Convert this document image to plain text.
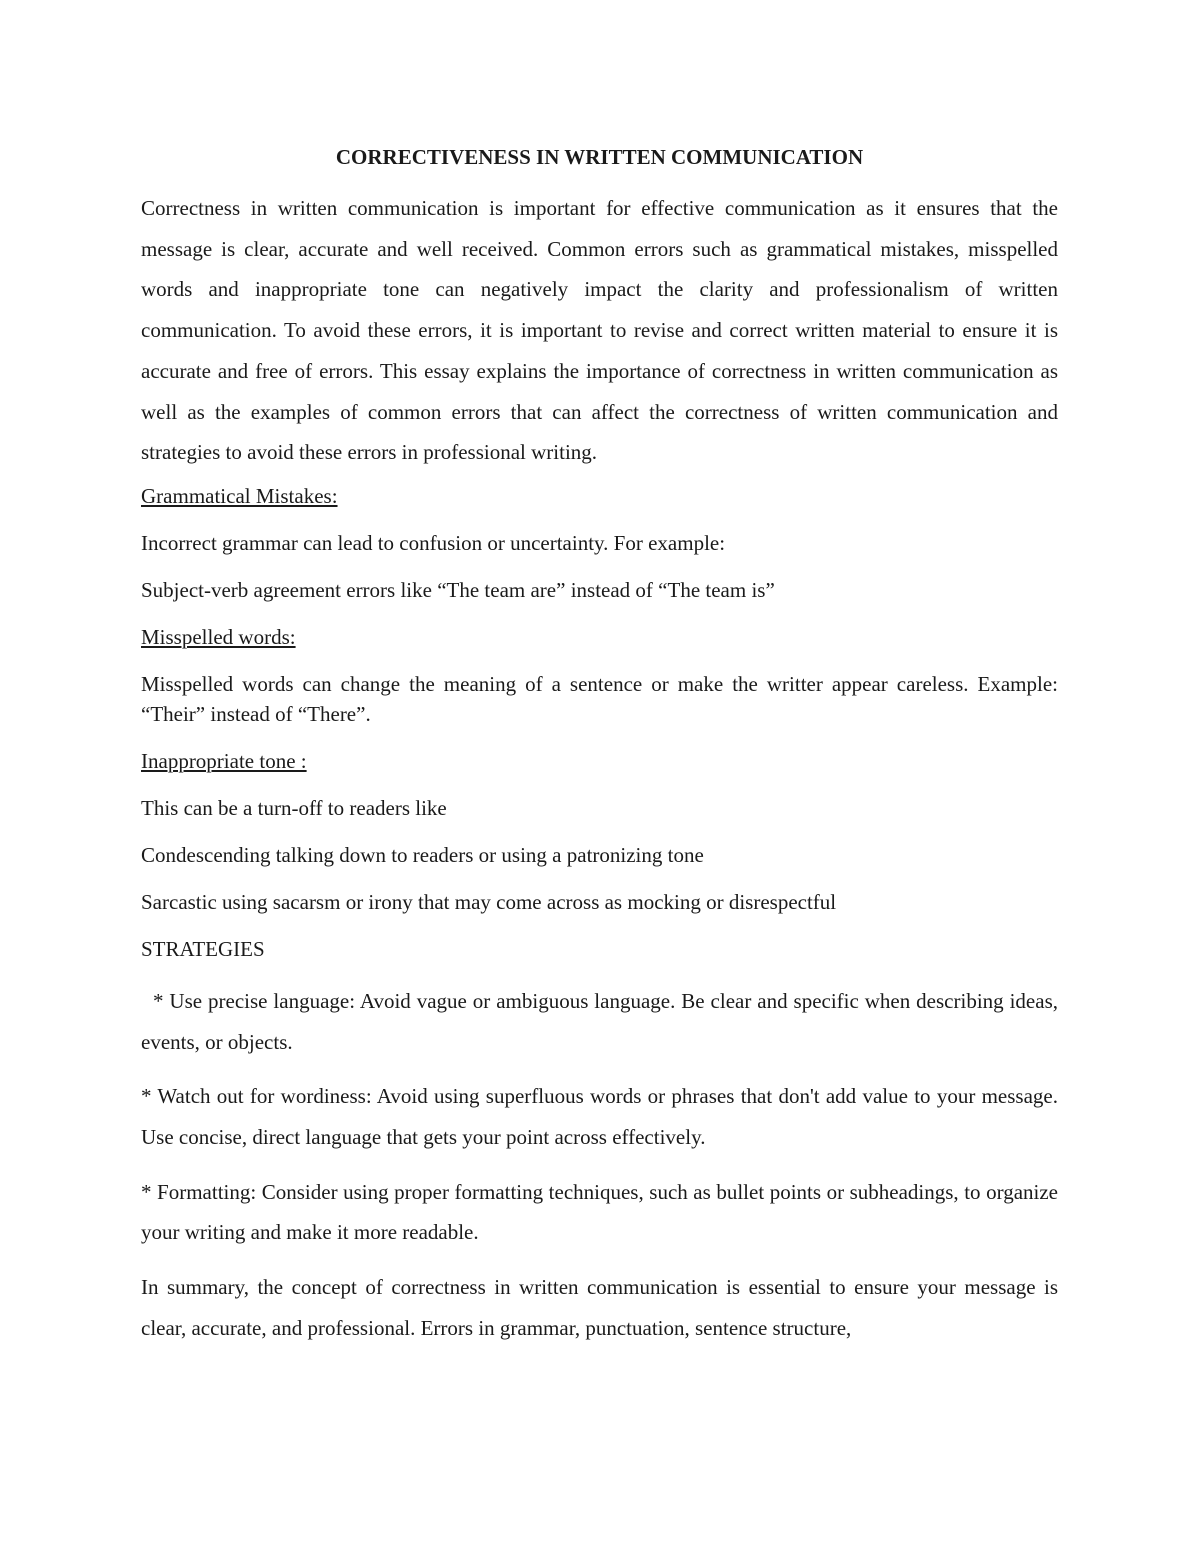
CORRECTIVENESS IN WRITTEN COMMUNICATION

Correctness in written communication is important for effective communication as it ensures that the message is clear, accurate and well received. Common errors such as grammatical mistakes, misspelled words and inappropriate tone can negatively impact the clarity and professionalism of written communication. To avoid these errors, it is important to revise and correct written material to ensure it is accurate and free of errors. This essay explains the importance of correctness in written communication as well as the examples of common errors that can affect the correctness of written communication and strategies to avoid these errors in professional writing.

Grammatical Mistakes:

Incorrect grammar can lead to confusion or uncertainty. For example:

Subject-verb agreement errors like “The team are” instead of “The team is”

Misspelled words:

Misspelled words can change the meaning of a sentence or make the writter appear careless. Example: “Their” instead of “There”.

Inappropriate tone :

This can be a turn-off to readers like

Condescending talking down to readers or using a patronizing tone

Sarcastic using sacarsm or irony that may come across as mocking or disrespectful

STRATEGIES

* Use precise language: Avoid vague or ambiguous language. Be clear and specific when describing ideas, events, or objects.

* Watch out for wordiness: Avoid using superfluous words or phrases that don't add value to your message. Use concise, direct language that gets your point across effectively.

* Formatting: Consider using proper formatting techniques, such as bullet points or subheadings, to organize your writing and make it more readable.

In summary, the concept of correctness in written communication is essential to ensure your message is clear, accurate, and professional. Errors in grammar, punctuation, sentence structure,
